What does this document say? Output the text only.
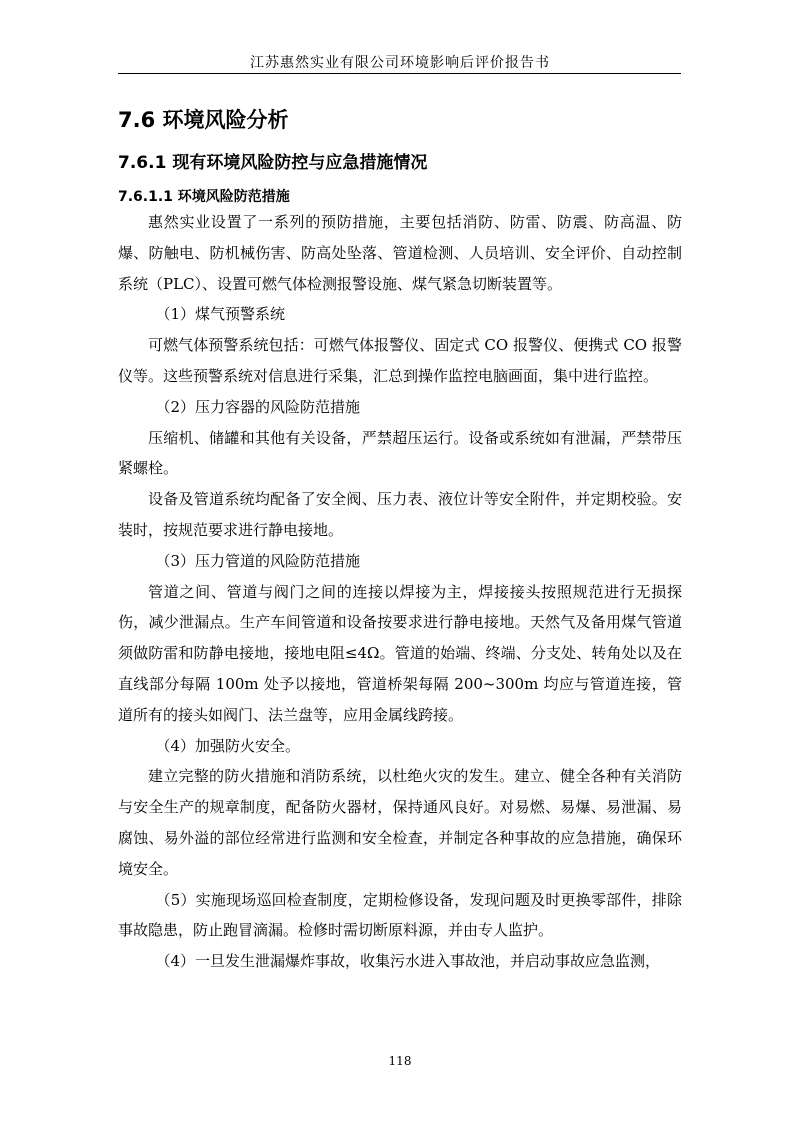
江苏惠然实业有限公司环境影响后评价报告书
7.6 环境风险分析
7.6.1 现有环境风险防控与应急措施情况
7.6.1.1 环境风险防范措施

惠然实业设置了一系列的预防措施，主要包括消防、防雷、防震、防高温、防爆、防触电、防机械伤害、防高处坠落、管道检测、人员培训、安全评价、自动控制系统（PLC）、设置可燃气体检测报警设施、煤气紧急切断装置等。

（1）煤气预警系统

可燃气体预警系统包括：可燃气体报警仪、固定式 CO 报警仪、便携式 CO 报警仪等。这些预警系统对信息进行采集，汇总到操作监控电脑画面，集中进行监控。

（2）压力容器的风险防范措施

压缩机、储罐和其他有关设备，严禁超压运行。设备或系统如有泄漏，严禁带压紧螺栓。

设备及管道系统均配备了安全阀、压力表、液位计等安全附件，并定期校验。安装时，按规范要求进行静电接地。

（3）压力管道的风险防范措施

管道之间、管道与阀门之间的连接以焊接为主，焊接接头按照规范进行无损探伤，减少泄漏点。生产车间管道和设备按要求进行静电接地。天然气及备用煤气管道须做防雷和防静电接地，接地电阻≤4Ω。管道的始端、终端、分支处、转角处以及在直线部分每隔 100m 处予以接地，管道桥架每隔 200~300m 均应与管道连接，管道所有的接头如阀门、法兰盘等，应用金属线跨接。

（4）加强防火安全。

建立完整的防火措施和消防系统，以杜绝火灾的发生。建立、健全各种有关消防与安全生产的规章制度，配备防火器材，保持通风良好。对易燃、易爆、易泄漏、易腐蚀、易外溢的部位经常进行监测和安全检查，并制定各种事故的应急措施，确保环境安全。

（5）实施现场巡回检查制度，定期检修设备，发现问题及时更换零部件，排除事故隐患，防止跑冒滴漏。检修时需切断原料源，并由专人监护。

（4）一旦发生泄漏爆炸事故，收集污水进入事故池，并启动事故应急监测，

118
